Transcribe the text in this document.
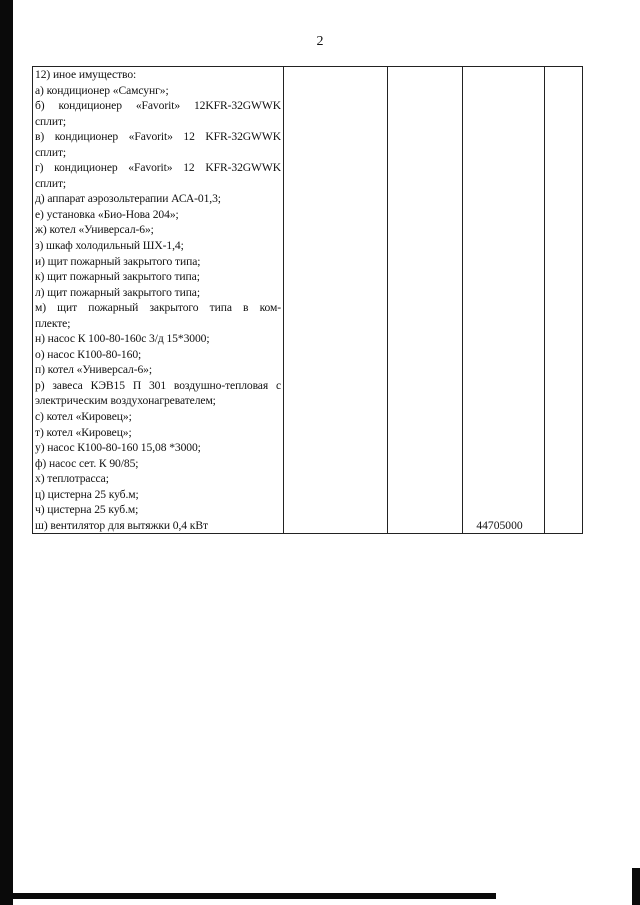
2
12) иное имущество:
а) кондиционер «Самсунг»;
б) кондиционер «Favorit» 12KFR-32GWWK
сплит;
в) кондиционер «Favorit» 12 KFR-32GWWK
сплит;
г) кондиционер «Favorit» 12 KFR-32GWWK
сплит;
д) аппарат аэрозольтерапии АСА-01,3;
е) установка «Био-Нова 204»;
ж) котел «Универсал-6»;
з) шкаф холодильный ШХ-1,4;
и) щит пожарный закрытого типа;
к) щит пожарный закрытого типа;
л) щит пожарный закрытого типа;
м) щит пожарный закрытого типа в ком-
плекте;
н) насос К 100-80-160с 3/д 15*3000;
о) насос К100-80-160;
п) котел «Универсал-6»;
р) завеса КЭВ15 П 301 воздушно-тепловая с
электрическим воздухонагревателем;
с) котел «Кировец»;
т) котел «Кировец»;
у) насос К100-80-160 15,08 *3000;
ф) насос сет. К 90/85;
х) теплотрасса;
ц) цистерна 25 куб.м;
ч) цистерна 25 куб.м;
ш) вентилятор для вытяжки 0,4 кВт			44705000
